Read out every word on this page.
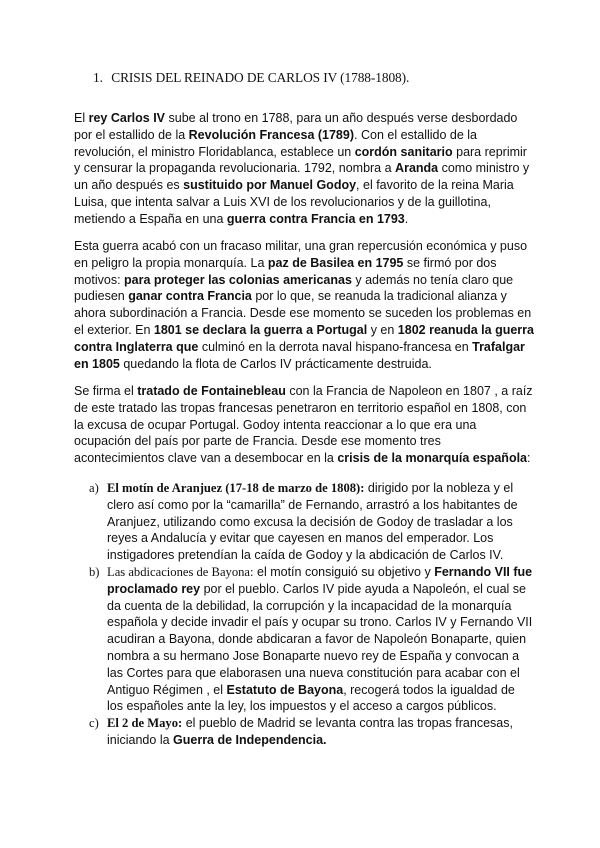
1. CRISIS DEL REINADO DE CARLOS IV (1788-1808).

El rey Carlos IV sube al trono en 1788, para un año después verse desbordado por el estallido de la Revolución Francesa (1789). Con el estallido de la revolución, el ministro Floridablanca, establece un cordón sanitario para reprimir y censurar la propaganda revolucionaria. 1792, nombra a Aranda como ministro y un año después es sustituido por Manuel Godoy, el favorito de la reina Maria Luisa, que intenta salvar a Luis XVI de los revolucionarios y de la guillotina, metiendo a España en una guerra contra Francia en 1793.

Esta guerra acabó con un fracaso militar, una gran repercusión económica y puso en peligro la propia monarquía. La paz de Basilea en 1795 se firmó por dos motivos: para proteger las colonias americanas y además no tenía claro que pudiesen ganar contra Francia por lo que, se reanuda la tradicional alianza y ahora subordinación a Francia. Desde ese momento se suceden los problemas en el exterior. En 1801 se declara la guerra a Portugal y en 1802 reanuda la guerra contra Inglaterra que culminó en la derrota naval hispano-francesa en Trafalgar en 1805 quedando la flota de Carlos IV prácticamente destruida.

Se firma el tratado de Fontainebleau con la Francia de Napoleon en 1807 , a raíz de este tratado las tropas francesas penetraron en territorio español en 1808, con la excusa de ocupar Portugal. Godoy intenta reaccionar a lo que era una ocupación del país por parte de Francia. Desde ese momento tres acontecimientos clave van a desembocar en la crisis de la monarquía española:

a) El motín de Aranjuez (17-18 de marzo de 1808): dirigido por la nobleza y el clero así como por la “camarilla” de Fernando, arrastró a los habitantes de Aranjuez, utilizando como excusa la decisión de Godoy de trasladar a los reyes a Andalucía y evitar que cayesen en manos del emperador. Los instigadores pretendían la caída de Godoy y la abdicación de Carlos IV.
b) Las abdicaciones de Bayona: el motín consiguió su objetivo y Fernando VII fue proclamado rey por el pueblo. Carlos IV pide ayuda a Napoleón, el cual se da cuenta de la debilidad, la corrupción y la incapacidad de la monarquía española y decide invadir el país y ocupar su trono. Carlos IV y Fernando VII acudiran a Bayona, donde abdicaran a favor de Napoleón Bonaparte, quien nombra a su hermano Jose Bonaparte nuevo rey de España y convocan a las Cortes para que elaborasen una nueva constitución para acabar con el Antiguo Régimen , el Estatuto de Bayona, recogerá todos la igualdad de los españoles ante la ley, los impuestos y el acceso a cargos públicos.
c) El 2 de Mayo: el pueblo de Madrid se levanta contra las tropas francesas, iniciando la Guerra de Independencia.
